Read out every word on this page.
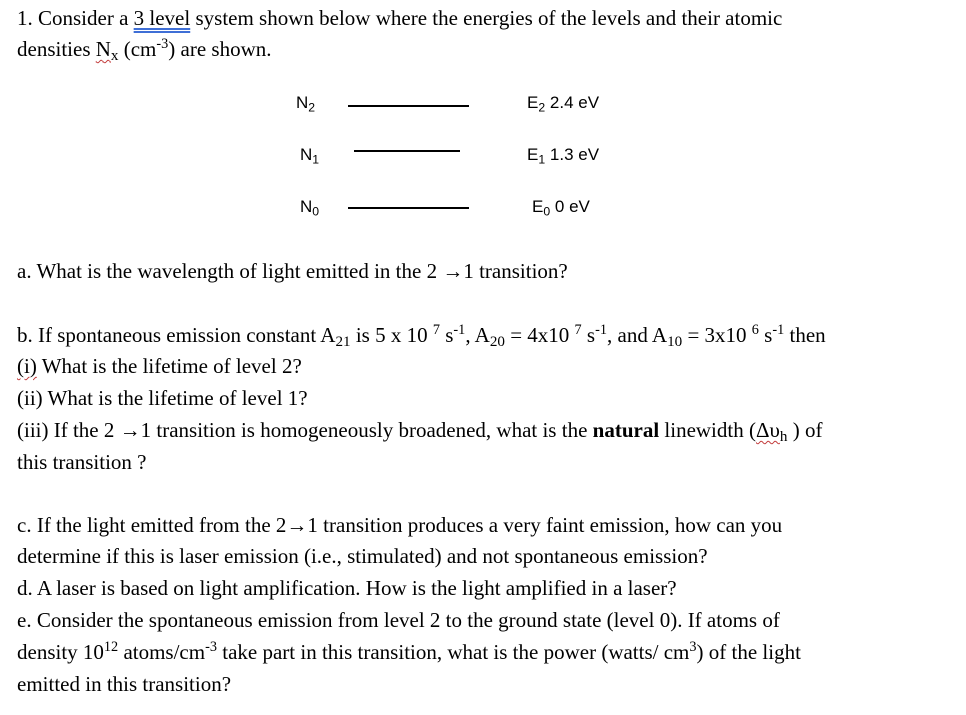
1. Consider a 3 level system shown below where the energies of the levels and their atomic

densities $N_x$ $(cm^{-3})$ are shown.

$N_2$	$E_2$ 2.4 eV
$N_1$	$E_1$ 1.3 eV
$N_0$	$E_0$ 0 eV

a. What is the wavelength of light emitted in the 2 →1 transition?

b. If spontaneous emission constant $A_{21}$ is 5 x 10 $^7$ $s^{-1}$, $A_{20} = 4x10$ $^7$ $s^{-1}$, and $A_{10} = 3x10$ $^6$ $s^{-1}$ then

(i) What is the lifetime of level 2?

(ii) What is the lifetime of level 1?

(iii) If the 2 →1 transition is homogeneously broadened, what is the natural linewidth ($\Delta\upsilon_h$ ) of

this transition ?

c. If the light emitted from the 2→1 transition produces a very faint emission, how can you

determine if this is laser emission (i.e., stimulated) and not spontaneous emission?

d. A laser is based on light amplification. How is the light amplified in a laser?

e. Consider the spontaneous emission from level 2 to the ground state (level 0). If atoms of

density $10^{12}$ atoms/$cm^{-3}$ take part in this transition, what is the power (watts/ $cm^3$) of the light

emitted in this transition?
